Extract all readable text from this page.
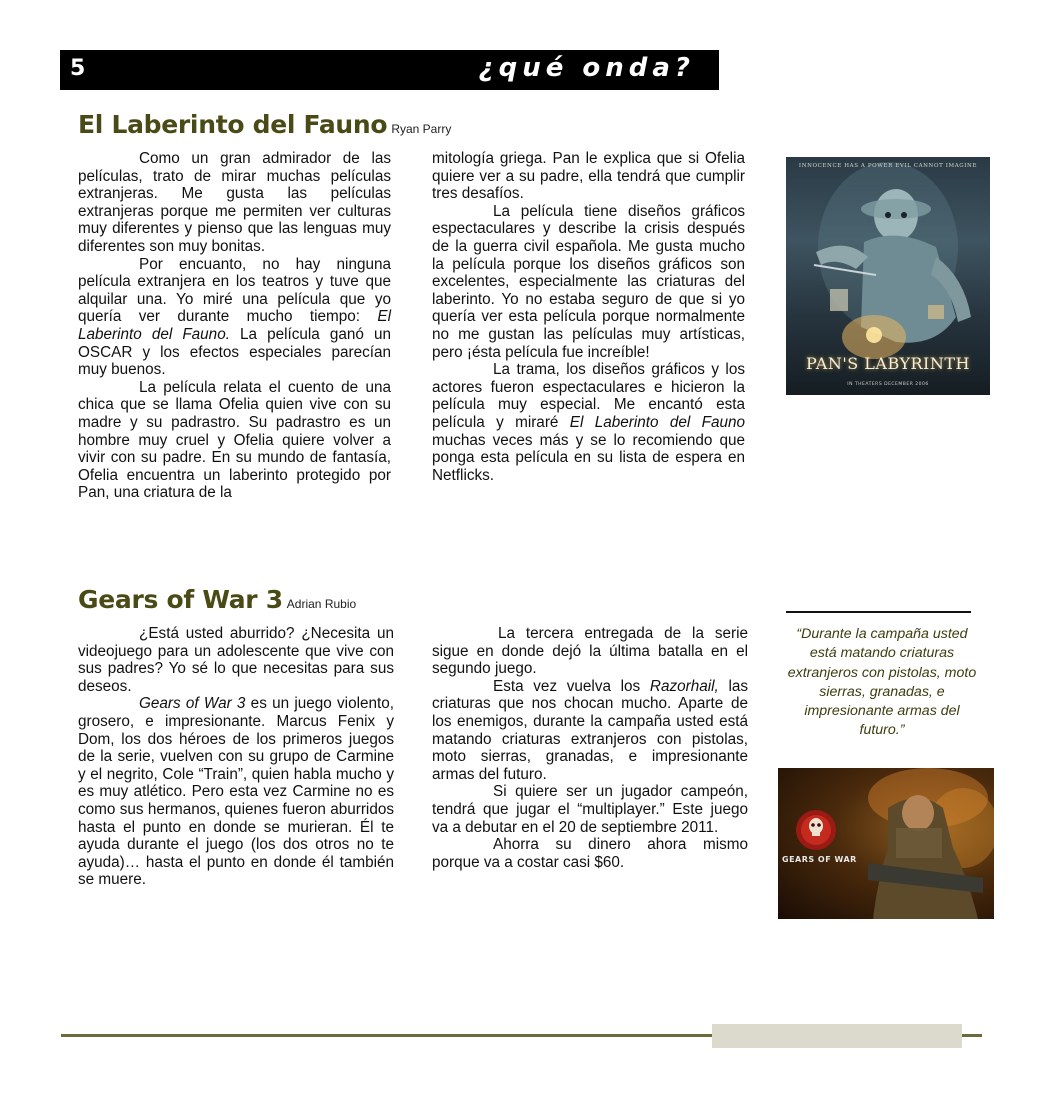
5	¿qué onda?
El Laberinto del Fauno Ryan Parry

Como un gran admirador de las películas, trato de mirar muchas películas extranjeras. Me gusta las películas extranjeras porque me permiten ver culturas muy diferentes y pienso que las lenguas muy diferentes son muy bonitas.

Por encuanto, no hay ninguna película extranjera en los teatros y tuve que alquilar una. Yo miré una película que yo quería ver durante mucho tiempo: El Laberinto del Fauno. La película ganó un OSCAR y los efectos especiales parecían muy buenos.

La película relata el cuento de una chica que se llama Ofelia quien vive con su madre y su padrastro. Su padrastro es un hombre muy cruel y Ofelia quiere volver a vivir con su padre. En su mundo de fantasía, Ofelia encuentra un laberinto protegido por Pan, una criatura de la

mitología griega. Pan le explica que si Ofelia quiere ver a su padre, ella tendrá que cumplir tres desafíos.

La película tiene diseños gráficos espectaculares y describe la crisis después de la guerra civil española. Me gusta mucho la película porque los diseños gráficos son excelentes, especialmente las criaturas del laberinto. Yo no estaba seguro de que si yo quería ver esta película porque normalmente no me gustan las películas muy artísticas, pero ¡ésta película fue increíble!

La trama, los diseños gráficos y los actores fueron espectaculares e hicieron la película muy especial. Me encantó esta película y miraré El Laberinto del Fauno muchas veces más y se lo recomiendo que ponga esta película en su lista de espera en Netflicks.

INNOCENCE HAS A POWER EVIL CANNOT IMAGINE
PAN'S LABYRINTH
IN THEATERS DECEMBER 2006
Gears of War 3 Adrian Rubio

¿Está usted aburrido? ¿Necesita un videojuego para un adolescente que vive con sus padres? Yo sé lo que necesitas para sus deseos.

Gears of War 3 es un juego violento, grosero, e impresionante. Marcus Fenix y Dom, los dos héroes de los primeros juegos de la serie, vuelven con su grupo de Carmine y el negrito, Cole “Train”, quien habla mucho y es muy atlético. Pero esta vez Carmine no es como sus hermanos, quienes fueron aburridos hasta el punto en donde se murieran. Él te ayuda durante el juego (los dos otros no te ayuda)… hasta el punto en donde él también se muere.

La tercera entregada de la serie sigue en donde dejó la última batalla en el segundo juego.

Esta vez vuelva los Razorhail, las criaturas que nos chocan mucho. Aparte de los enemigos, durante la campaña usted está matando criaturas extranjeros con pistolas, moto sierras, granadas, e impresionante armas del futuro.

Si quiere ser un jugador campeón, tendrá que jugar el “multiplayer.” Este juego va a debutar en el 20 de septiembre 2011.

Ahorra su dinero ahora mismo porque va a costar casi $60.

“Durante la campaña usted está matando criaturas extranjeros con pistolas, moto sierras, granadas, e impresionante armas del futuro.”
GEARS OF WAR
